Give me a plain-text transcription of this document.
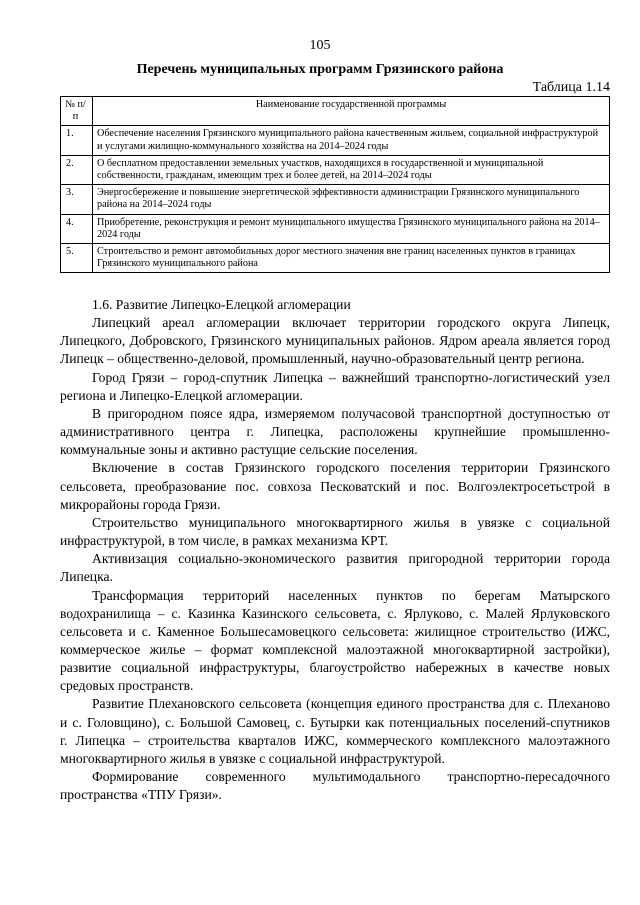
105
Перечень муниципальных программ Грязинского района
Таблица 1.14
№ п/п	Наименование государственной программы
1.	Обеспечение населения Грязинского муниципального района качественным жильем, социальной инфраструктурой и услугами жилищно-коммунального хозяйства на 2014–2024 годы
2.	О бесплатном предоставлении земельных участков, находящихся в государственной и муниципальной собственности, гражданам, имеющим трех и более детей, на 2014–2024 годы
3.	Энергосбережение и повышение энергетической эффективности администрации Грязинского муниципального района на 2014–2024 годы
4.	Приобретение, реконструкция и ремонт муниципального имущества Грязинского муниципального района на 2014–2024 годы
5.	Строительство и ремонт автомобильных дорог местного значения вне границ населенных пунктов в границах Грязинского муниципального района

1.6. Развитие Липецко-Елецкой агломерации

Липецкий ареал агломерации включает территории городского округа Липецк, Липецкого, Добровского, Грязинского муниципальных районов. Ядром ареала является город Липецк – общественно-деловой, промышленный, научно-образовательный центр региона.

Город Грязи – город-спутник Липецка – важнейший транспортно-логистический узел региона и Липецко-Елецкой агломерации.

В пригородном поясе ядра, измеряемом получасовой транспортной доступностью от административного центра г. Липецка, расположены крупнейшие промышленно-коммунальные зоны и активно растущие сельские поселения.

Включение в состав Грязинского городского поселения территории Грязинского сельсовета, преобразование пос. совхоза Песковатский и пос. Волгоэлектросетьстрой в микрорайоны города Грязи.

Строительство муниципального многоквартирного жилья в увязке с социальной инфраструктурой, в том числе, в рамках механизма КРТ.

Активизация социально-экономического развития пригородной территории города Липецка.

Трансформация территорий населенных пунктов по берегам Матырского водохранилища – с. Казинка Казинского сельсовета, с. Ярлуково, с. Малей Ярлуковского сельсовета и с. Каменное Большесамовецкого сельсовета: жилищное строительство (ИЖС, коммерческое жилье – формат комплексной малоэтажной многоквартирной застройки), развитие социальной инфраструктуры, благоустройство набережных в качестве новых средовых пространств.

Развитие Плехановского сельсовета (концепция единого пространства для с. Плеханово и с. Головщино), с. Большой Самовец, с. Бутырки как потенциальных поселений-спутников

г. Липецка – строительства кварталов ИЖС, коммерческого комплексного малоэтажного многоквартирного жилья в увязке с социальной инфраструктурой.

Формирование современного мультимодального транспортно-пересадочного пространства «ТПУ Грязи».
